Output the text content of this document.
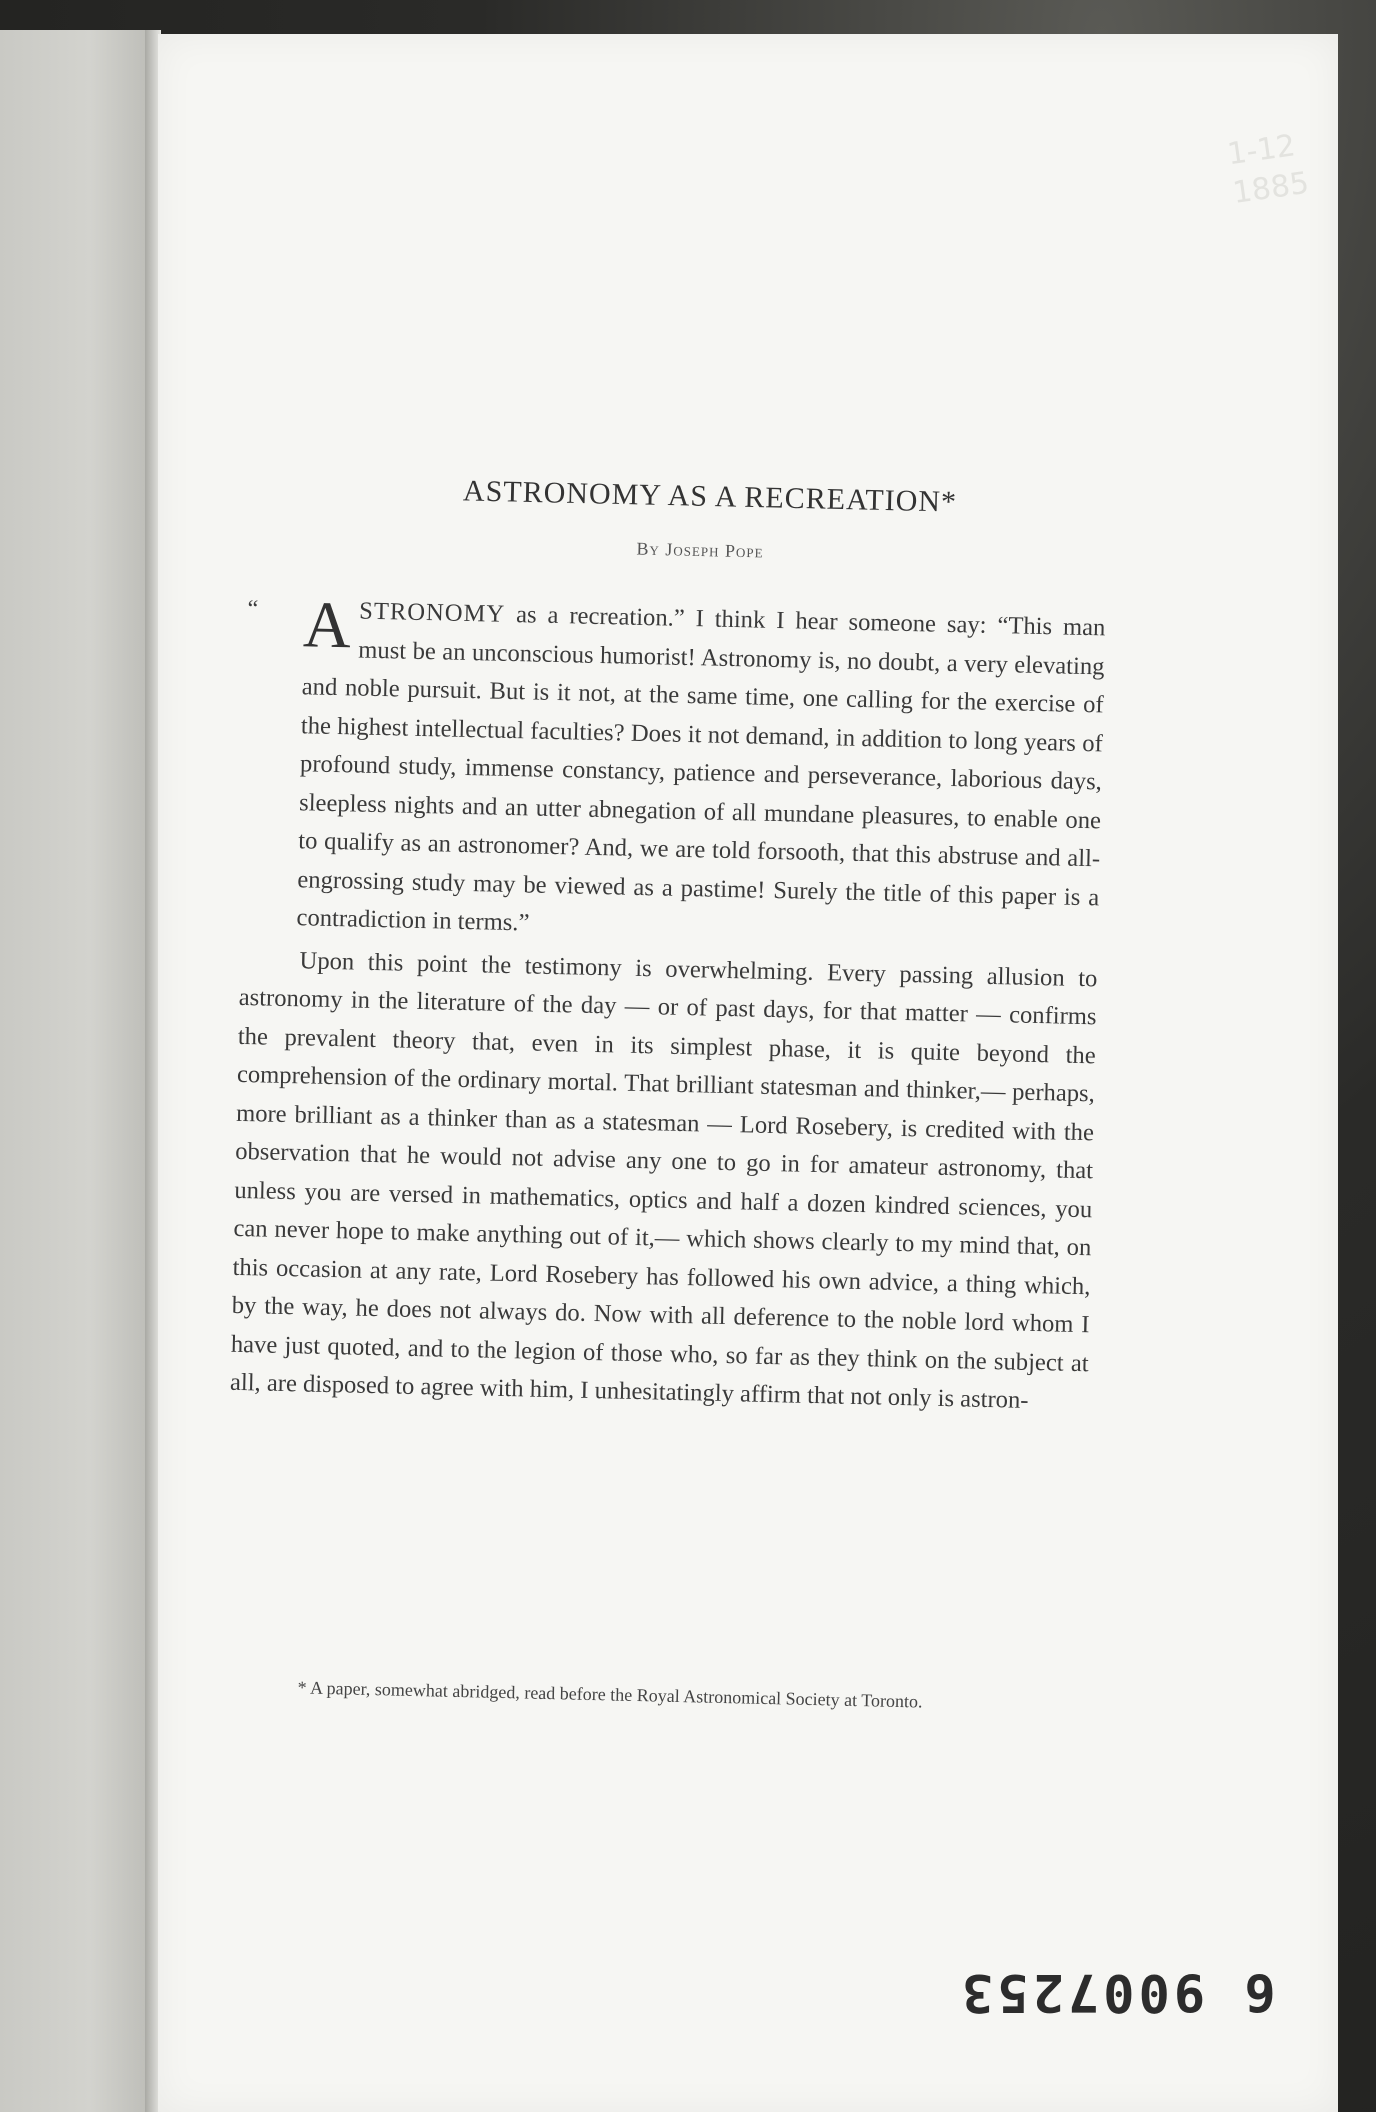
1-12
1885
ASTRONOMY AS A RECREATION*
By Joseph Pope

“ A STRONOMY as a recreation.” I think I hear someone say: “This man must be an unconscious humorist! Astronomy is, no doubt, a very elevating and noble pursuit. But is it not, at the same time, one calling for the exercise of the highest intellectual faculties? Does it not demand, in addition to long years of profound study, immense constancy, patience and perseverance, laborious days, sleepless nights and an utter abnegation of all mundane pleasures, to enable one to qualify as an astronomer? And, we are told forsooth, that this abstruse and all-engrossing study may be viewed as a pastime! Surely the title of this paper is a contradiction in terms.”

Upon this point the testimony is overwhelming. Every passing allusion to astronomy in the literature of the day — or of past days, for that matter — confirms the prevalent theory that, even in its simplest phase, it is quite beyond the comprehension of the ordinary mortal. That brilliant statesman and thinker,— perhaps, more brilliant as a thinker than as a statesman — Lord Rosebery, is credited with the observation that he would not advise any one to go in for amateur astronomy, that unless you are versed in mathematics, optics and half a dozen kindred sciences, you can never hope to make anything out of it,— which shows clearly to my mind that, on this occasion at any rate, Lord Rosebery has followed his own advice, a thing which, by the way, he does not always do. Now with all deference to the noble lord whom I have just quoted, and to the legion of those who, so far as they think on the subject at all, are disposed to agree with him, I unhesitatingly affirm that not only is astron-

* A paper, somewhat abridged, read before the Royal Astronomical Society at Toronto.
6 9007253
